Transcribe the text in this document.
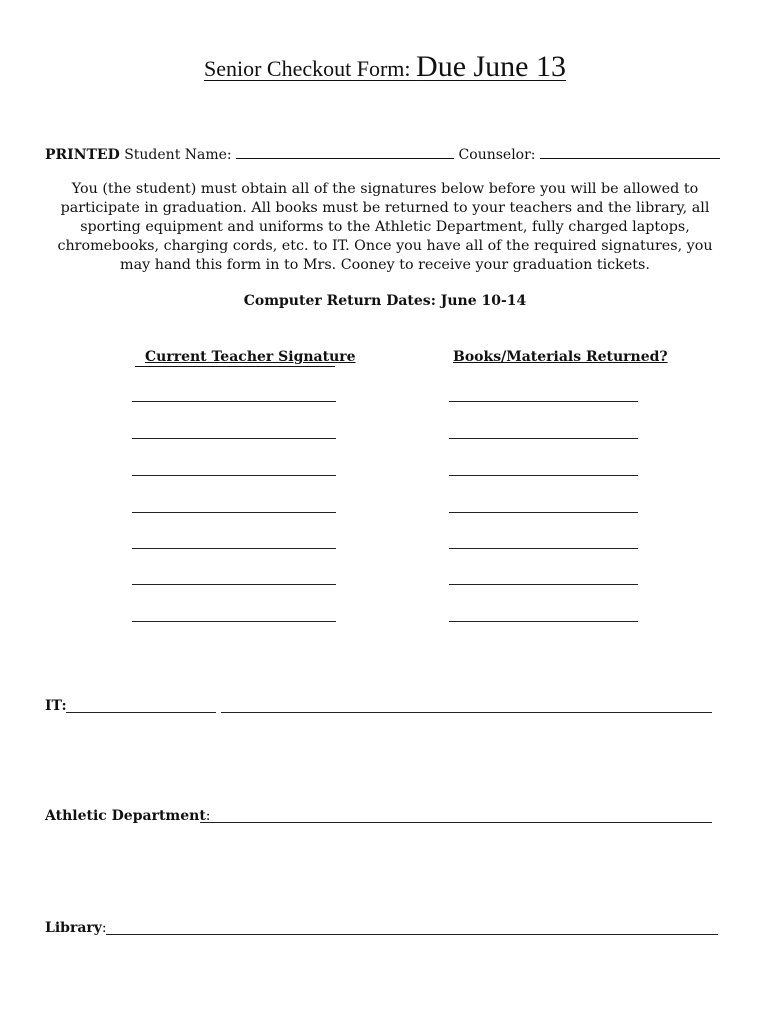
Senior Checkout Form: Due June 13
PRINTED Student Name:	Counselor:
You (the student) must obtain all of the signatures below before you will be allowed to participate in graduation. All books must be returned to your teachers and the library, all sporting equipment and uniforms to the Athletic Department, fully charged laptops, chromebooks, charging cords, etc. to IT. Once you have all of the required signatures, you may hand this form in to Mrs. Cooney to receive your graduation tickets.
Computer Return Dates: June 10-14
Current Teacher Signature	Books/Materials Returned?
IT:
Athletic Department:
Library:
